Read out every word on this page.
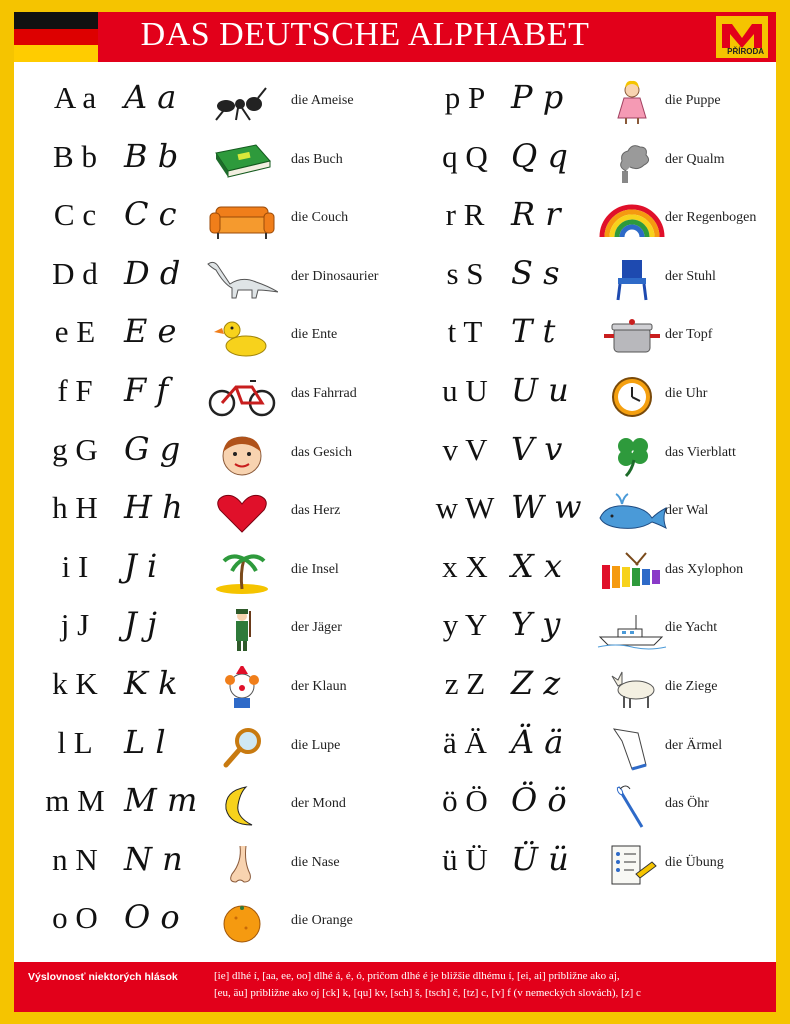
DAS DEUTSCHE ALPHABET	PŘÍRODA
A a A a	die Ameise
B b B b	das Buch
C c C c	die Couch
D d D d	der Dinosaurier
e E E e	die Ente
f F F f	das Fahrrad
g G G g	das Gesich
h H H h	das Herz
i I	J i	die Insel
j J	J j	der Jäger
k K K k	der Klaun
l L L l	die Lupe
m M M m	der Mond
n N N n	die Nase
o O O o	die Orange
p P P p	die Puppe
q Q Q q	der Qualm
r R R r	der Regenbogen
s S S s	der Stuhl
t T T t	der Topf
u U U u	die Uhr
v V V v	das Vierblatt
w W W w	der Wal
x X X x	das Xylophon
y Y Y y	die Yacht
z Z Z z	die Ziege
ä Ä Ä ä	der Ärmel
ö Ö Ö ö	das Öhr
ü Ü Ü ü	die Übung
Výslovnosť niektorých hlások	[ie] dlhé í, [aa, ee, oo] dlhé á, é, ó, pričom dlhé é je bližšie dlhému í, [ei, ai] približne ako aj,
[eu, äu] približne ako oj [ck] k, [qu] kv, [sch] š, [tsch] č, [tz] c, [v] f (v nemeckých slovách), [z] c
